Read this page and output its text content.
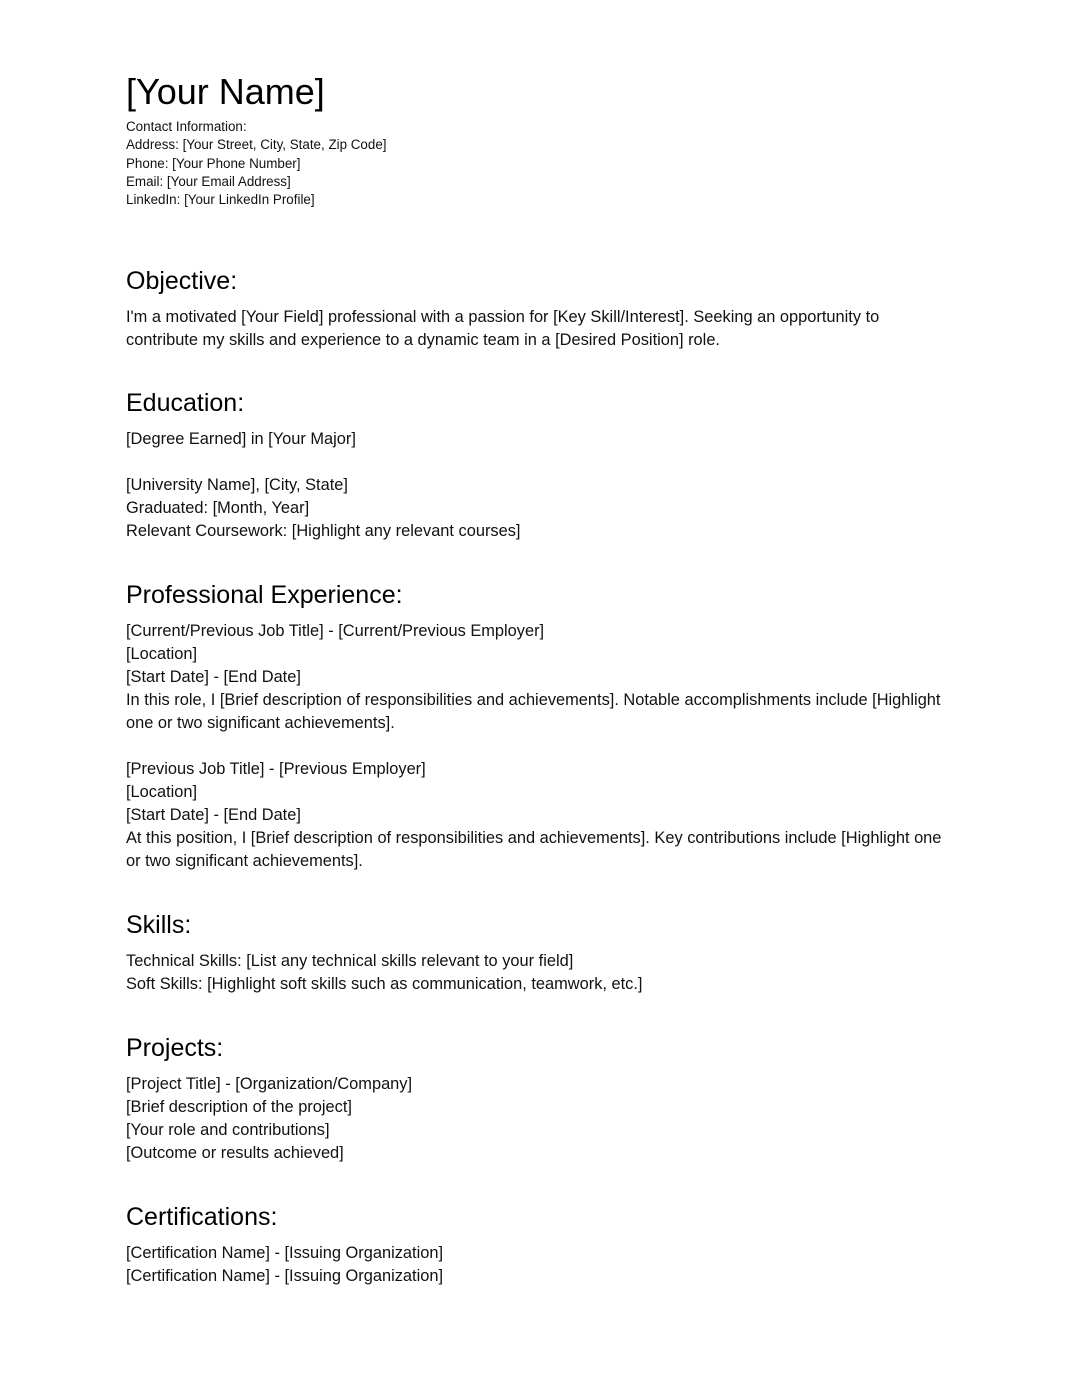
[Your Name]
Contact Information:
Address: [Your Street, City, State, Zip Code]
Phone: [Your Phone Number]
Email: [Your Email Address]
LinkedIn: [Your LinkedIn Profile]
Objective:
I'm a motivated [Your Field] professional with a passion for [Key Skill/Interest]. Seeking an opportunity to contribute my skills and experience to a dynamic team in a [Desired Position] role.
Education:
[Degree Earned] in [Your Major]
[University Name], [City, State]
Graduated: [Month, Year]
Relevant Coursework: [Highlight any relevant courses]
Professional Experience:
[Current/Previous Job Title] - [Current/Previous Employer]
[Location]
[Start Date] - [End Date]
In this role, I [Brief description of responsibilities and achievements]. Notable accomplishments include [Highlight one or two significant achievements].
[Previous Job Title] - [Previous Employer]
[Location]
[Start Date] - [End Date]
At this position, I [Brief description of responsibilities and achievements]. Key contributions include [Highlight one or two significant achievements].
Skills:
Technical Skills: [List any technical skills relevant to your field]
Soft Skills: [Highlight soft skills such as communication, teamwork, etc.]
Projects:
[Project Title] - [Organization/Company]
[Brief description of the project]
[Your role and contributions]
[Outcome or results achieved]
Certifications:
[Certification Name] - [Issuing Organization]
[Certification Name] - [Issuing Organization]
